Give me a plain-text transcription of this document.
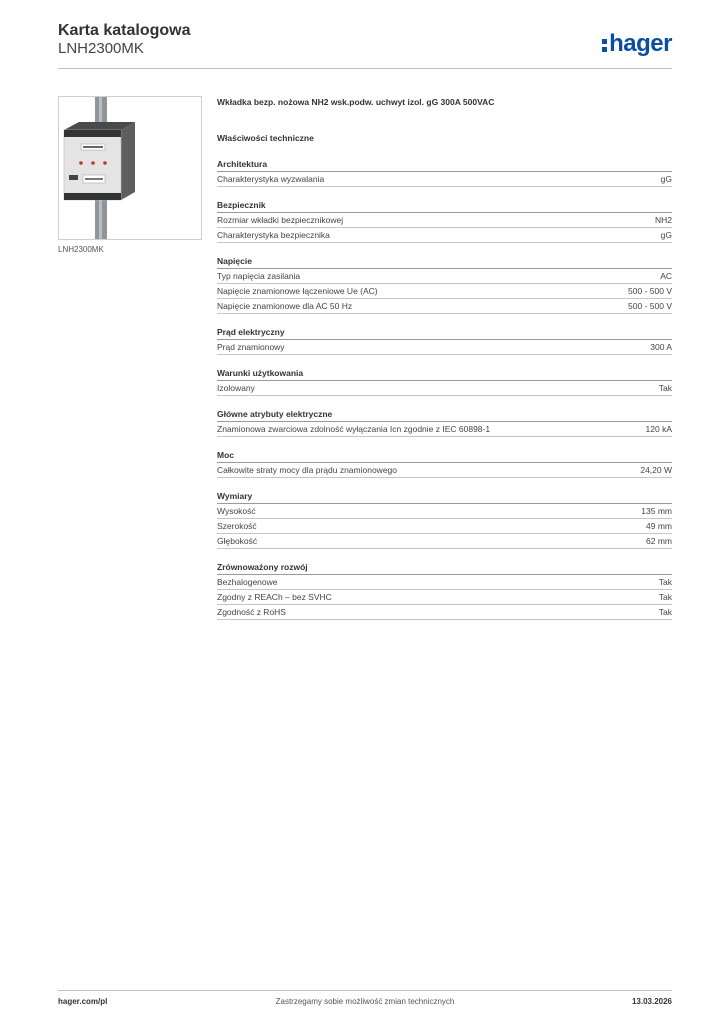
Karta katalogowa
LNH2300MK	hager
LNH2300MK
Wkładka bezp. nożowa NH2 wsk.podw. uchwyt izol. gG 300A 500VAC
Właściwości techniczne
Architektura
Charakterystyka wyzwalania	gG
Bezpiecznik
Rozmiar wkładki bezpiecznikowej	NH2
Charakterystyka bezpiecznika	gG
Napięcie
Typ napięcia zasilania	AC
Napięcie znamionowe łączeniowe Ue (AC)	500 - 500 V
Napięcie znamionowe dla AC 50 Hz	500 - 500 V
Prąd elektryczny
Prąd znamionowy	300 A
Warunki użytkowania
Izolowany	Tak
Główne atrybuty elektryczne
Znamionowa zwarciowa zdolność wyłączania Icn zgodnie z IEC 60898-1	120 kA
Moc
Całkowite straty mocy dla prądu znamionowego	24,20 W
Wymiary
Wysokość	135 mm
Szerokość	49 mm
Głębokość	62 mm
Zrównoważony rozwój
Bezhalogenowe	Tak
Zgodny z REACh – bez SVHC	Tak
Zgodność z RoHS	Tak
hager.com/pl	Zastrzegamy sobie możliwość zmian technicznych	13.03.2026
